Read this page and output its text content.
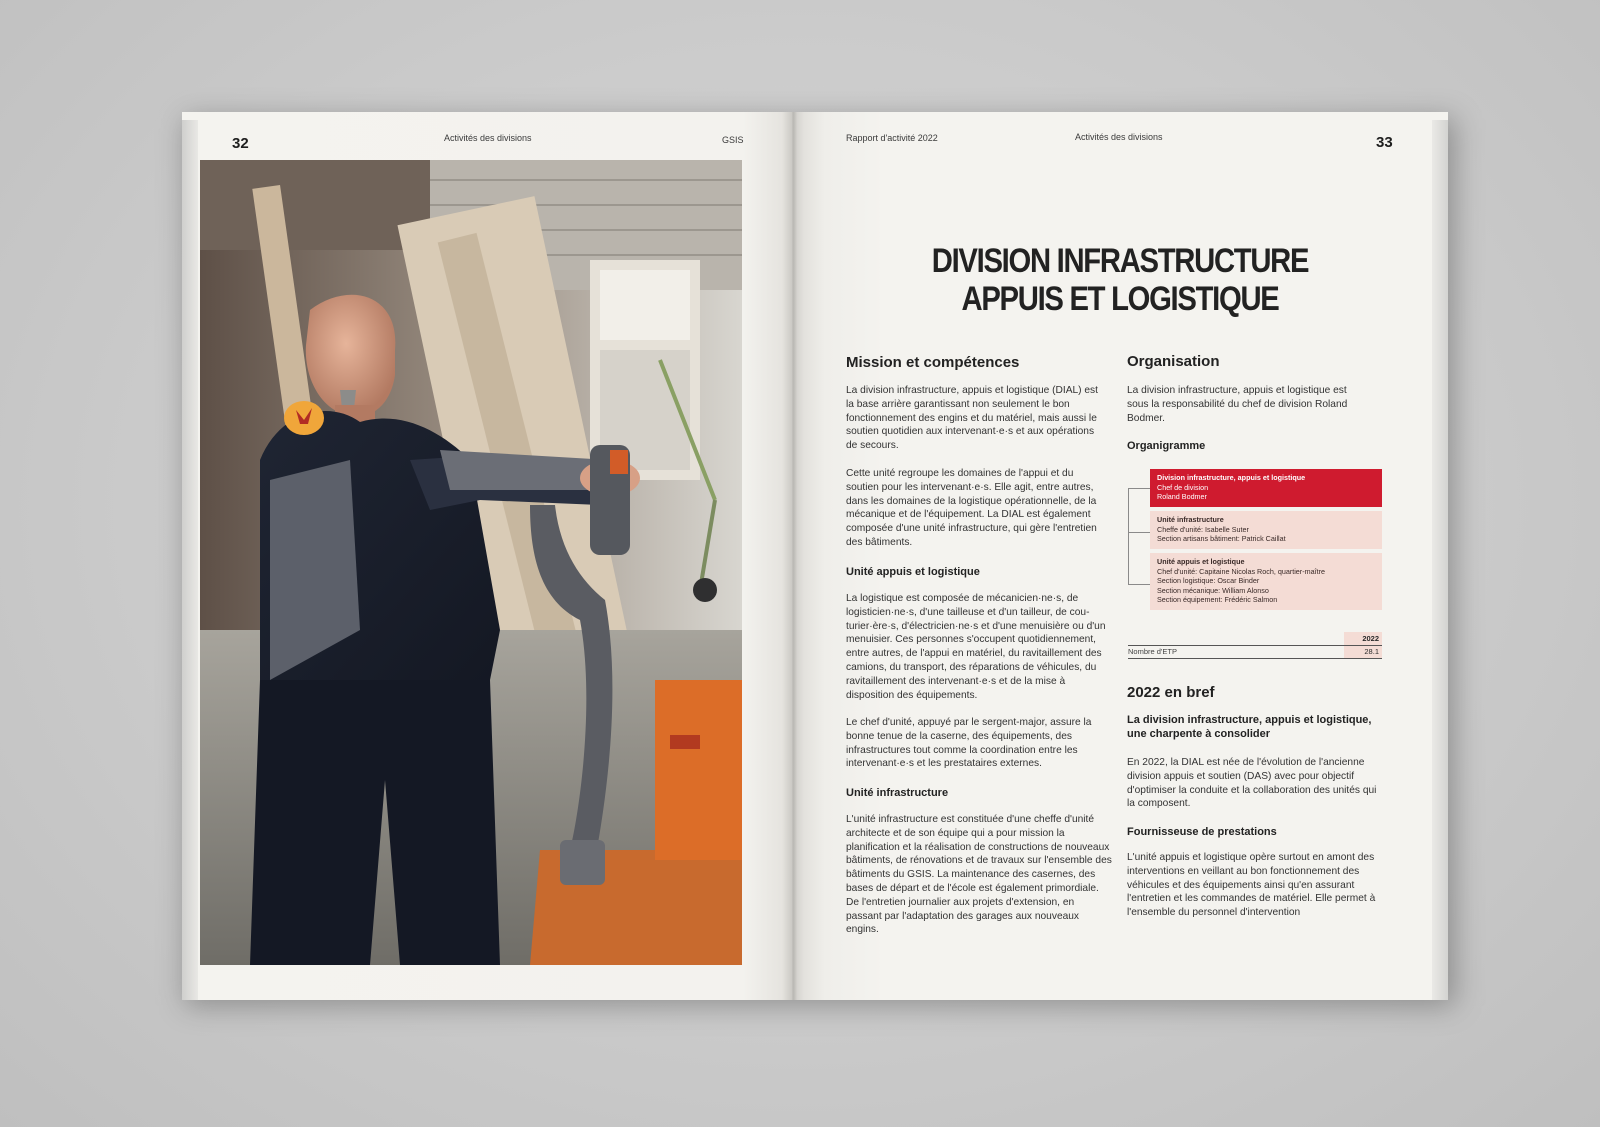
32	Activités des divisions	GSIS	Rapport d'activité 2022	Activités des divisions	33
DIVISION INFRASTRUCTURE
APPUIS ET LOGISTIQUE
Mission et compétences
La division infrastructure, appuis et logistique (DIAL) est la base arrière garantissant non seulement le bon fonctionnement des engins et du matériel, mais aussi le soutien quotidien aux intervenant·e·s et aux opérations de secours.
Cette unité regroupe les domaines de l'appui et du soutien pour les intervenant·e·s. Elle agit, entre autres, dans les domaines de la logistique opérationnelle, de la mécanique et de l'équipement. La DIAL est également composée d'une unité infrastructure, qui gère l'entretien des bâtiments.
Unité appuis et logistique
La logistique est composée de mécanicien·ne·s, de logisticien·ne·s, d'une tailleuse et d'un tailleur, de couturier·ère·s, d'électricien·ne·s et d'une menuisière ou d'un menuisier. Ces personnes s'occupent quotidiennement, entre autres, de l'appui en matériel, du ravitaillement des camions, du transport, des réparations de véhicules, du ravitaillement des intervenant·e·s et de la mise à disposition des équipements.
Le chef d'unité, appuyé par le sergent-major, assure la bonne tenue de la caserne, des équipements, des infrastructures tout comme la coordination entre les intervenant·e·s et les prestataires externes.
Unité infrastructure
L'unité infrastructure est constituée d'une cheffe d'unité architecte et de son équipe qui a pour mission la planification et la réalisation de constructions de nouveaux bâtiments, de rénovations et de travaux sur l'ensemble des bâtiments du GSIS. La maintenance des casernes, des bases de départ et de l'école est également primordiale. De l'entretien journalier aux projets d'extension, en passant par l'adaptation des garages aux nouveaux engins.
Organisation
La division infrastructure, appuis et logistique est sous la responsabilité du chef de division Roland Bodmer.
Organigramme
Division infrastructure, appuis et logistique
Chef de division
Roland Bodmer
Unité infrastructure
Cheffe d'unité: Isabelle Suter
Section artisans bâtiment: Patrick Caillat
Unité appuis et logistique
Chef d'unité: Capitaine Nicolas Roch, quartier-maître
Section logistique: Oscar Binder
Section mécanique: William Alonso
Section équipement: Frédéric Salmon
2022
Nombre d'ETP	28.1
2022 en bref
La division infrastructure, appuis et logistique, une charpente à consolider
En 2022, la DIAL est née de l'évolution de l'ancienne division appuis et soutien (DAS) avec pour objectif d'optimiser la conduite et la collaboration des unités qui la composent.
Fournisseuse de prestations
L'unité appuis et logistique opère surtout en amont des interventions en veillant au bon fonctionnement des véhicules et des équipements ainsi qu'en assurant l'entretien et les commandes de matériel. Elle permet à l'ensemble du personnel d'intervention
